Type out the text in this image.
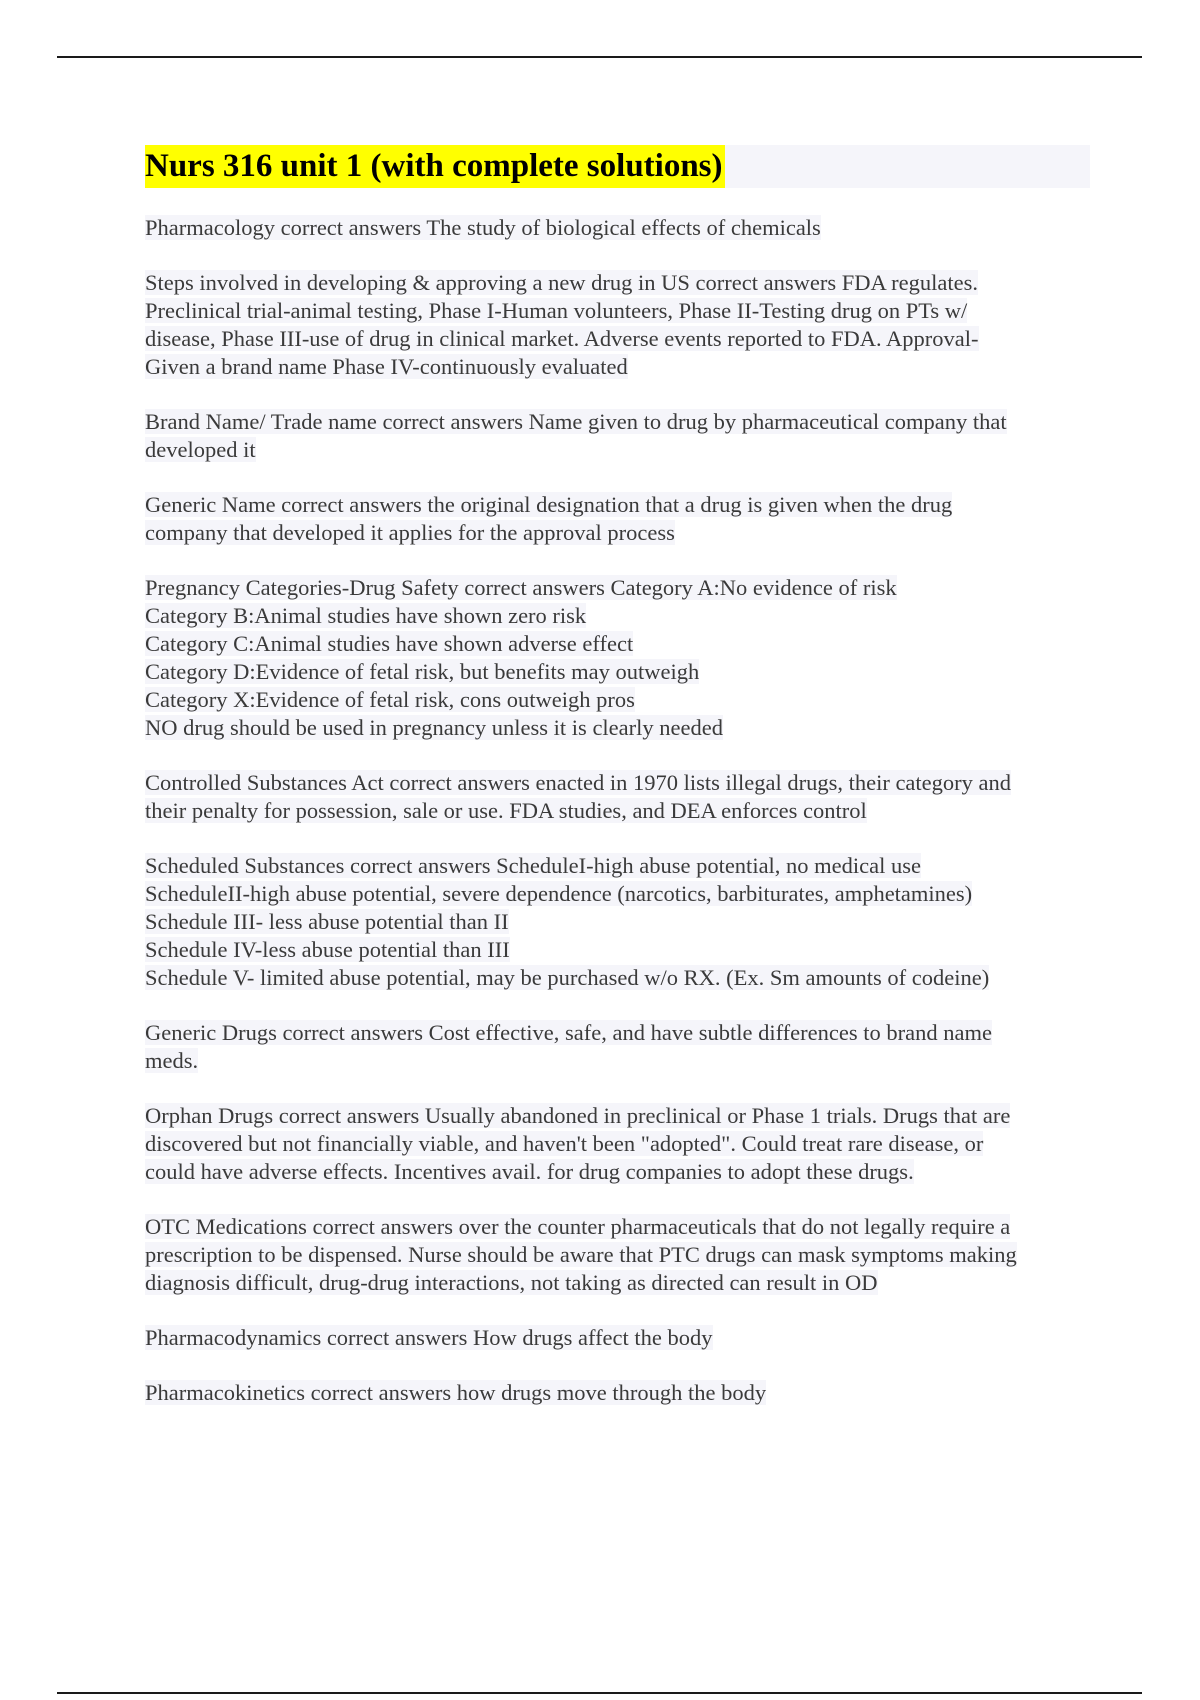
Nurs 316 unit 1 (with complete solutions)
Pharmacology correct answers The study of biological effects of chemicals
Steps involved in developing & approving a new drug in US correct answers FDA regulates.
Preclinical trial-animal testing, Phase I-Human volunteers, Phase II-Testing drug on PTs w/
disease, Phase III-use of drug in clinical market. Adverse events reported to FDA. Approval-
Given a brand name Phase IV-continuously evaluated
Brand Name/ Trade name correct answers Name given to drug by pharmaceutical company that
developed it
Generic Name correct answers the original designation that a drug is given when the drug
company that developed it applies for the approval process
Pregnancy Categories-Drug Safety correct answers Category A:No evidence of risk
Category B:Animal studies have shown zero risk
Category C:Animal studies have shown adverse effect
Category D:Evidence of fetal risk, but benefits may outweigh
Category X:Evidence of fetal risk, cons outweigh pros
NO drug should be used in pregnancy unless it is clearly needed
Controlled Substances Act correct answers enacted in 1970 lists illegal drugs, their category and
their penalty for possession, sale or use. FDA studies, and DEA enforces control
Scheduled Substances correct answers ScheduleI-high abuse potential, no medical use
ScheduleII-high abuse potential, severe dependence (narcotics, barbiturates, amphetamines)
Schedule III- less abuse potential than II
Schedule IV-less abuse potential than III
Schedule V- limited abuse potential, may be purchased w/o RX. (Ex. Sm amounts of codeine)
Generic Drugs correct answers Cost effective, safe, and have subtle differences to brand name
meds.
Orphan Drugs correct answers Usually abandoned in preclinical or Phase 1 trials. Drugs that are
discovered but not financially viable, and haven't been "adopted". Could treat rare disease, or
could have adverse effects. Incentives avail. for drug companies to adopt these drugs.
OTC Medications correct answers over the counter pharmaceuticals that do not legally require a
prescription to be dispensed. Nurse should be aware that PTC drugs can mask symptoms making
diagnosis difficult, drug-drug interactions, not taking as directed can result in OD
Pharmacodynamics correct answers How drugs affect the body
Pharmacokinetics correct answers how drugs move through the body
